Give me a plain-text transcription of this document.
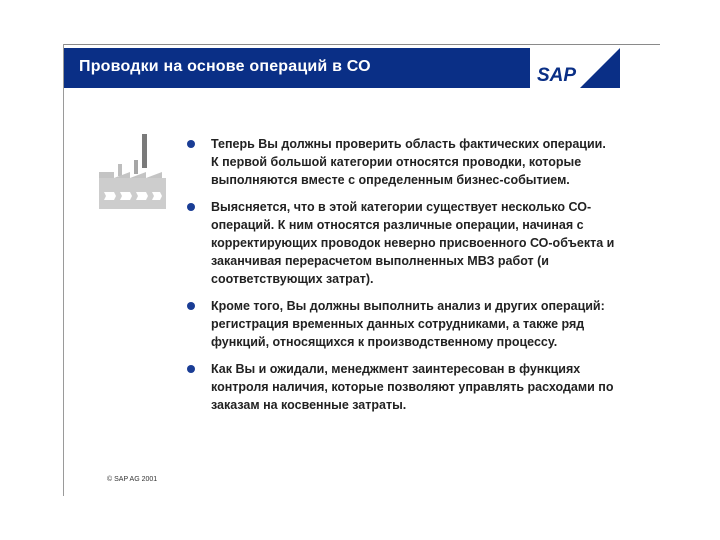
Проводки на основе операций в СО	SAP
Теперь Вы должны проверить область фактических операции. К первой большой категории относятся проводки, которые выполняются вместе с определенным бизнес-событием.
Выясняется, что в этой категории существует несколько СО-операций. К ним относятся различные операции, начиная с корректирующих проводок неверно присвоенного СО-объекта и заканчивая перерасчетом выполненных МВЗ работ (и соответствующих затрат).
Кроме того, Вы должны выполнить анализ и других операций: регистрация временных данных сотрудниками, а также ряд функций, относящихся к производственному процессу.
Как Вы и ожидали, менеджмент заинтересован в функциях контроля наличия, которые позволяют управлять расходами по заказам на косвенные затраты.
© SAP AG 2001
